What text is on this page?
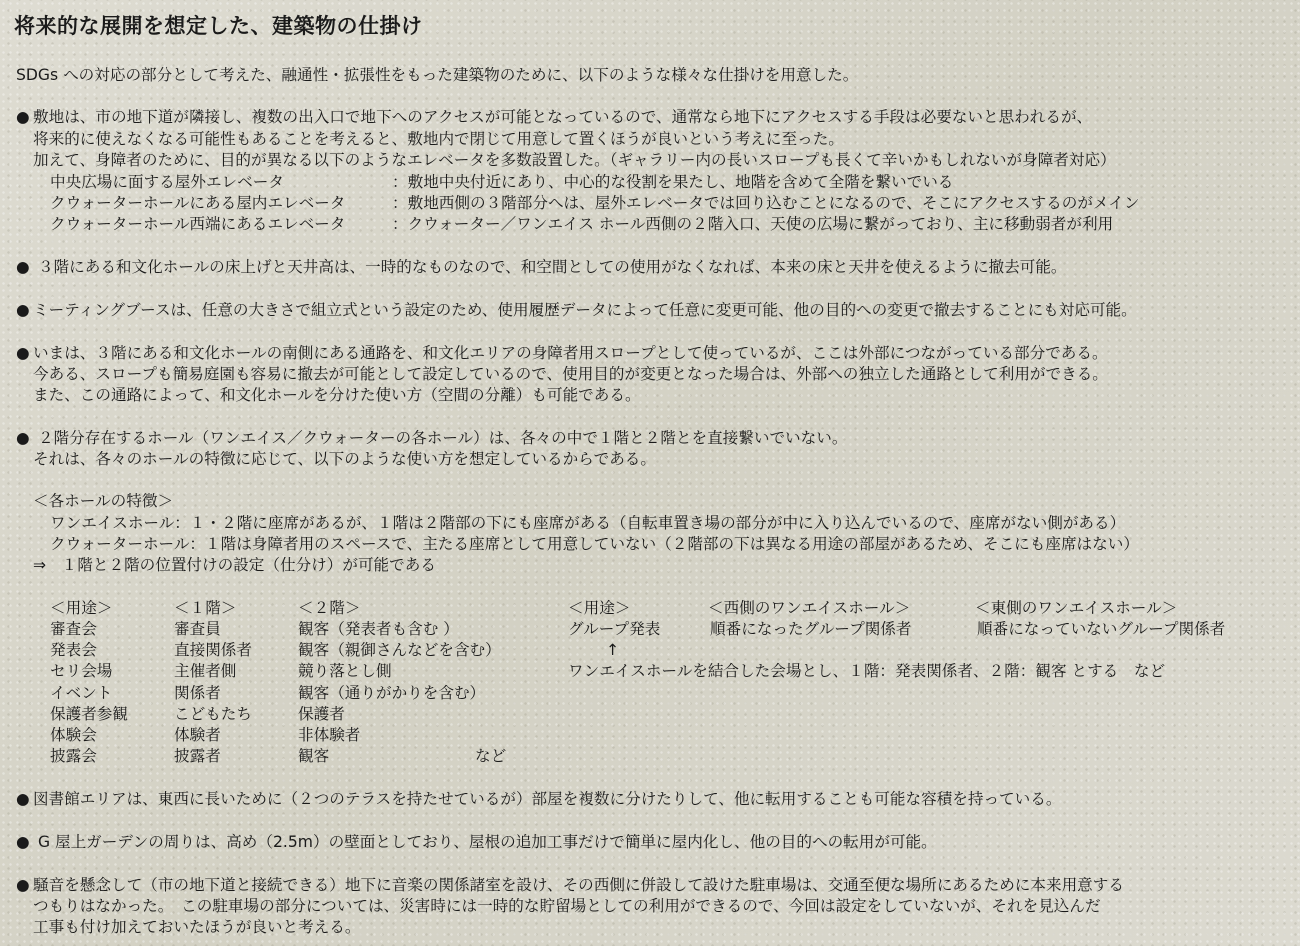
将来的な展開を想定した、建築物の仕掛け
SDGs への対応の部分として考えた、融通性・拡張性をもった建築物のために、以下のような様々な仕掛けを用意した。
● 敷地は、市の地下道が隣接し、複数の出入口で地下へのアクセスが可能となっているので、通常なら地下にアクセスする手段は必要ないと思われるが、
将来的に使えなくなる可能性もあることを考えると、敷地内で閉じて用意して置くほうが良いという考えに至った。
加えて、身障者のために、目的が異なる以下のようなエレベータを多数設置した。（ギャラリー内の長いスロープも長くて辛いかもしれないが身障者対応）
中央広場に面する屋外エレベータ	：敷地中央付近にあり、中心的な役割を果たし、地階を含めて全階を繋いでいる
クウォーターホールにある屋内エレベータ	：敷地西側の３階部分へは、屋外エレベータでは回り込むことになるので、そこにアクセスするのがメイン
クウォーターホール西端にあるエレベータ	：クウォーター／ワンエイス ホール西側の２階入口、天使の広場に繋がっており、主に移動弱者が利用
● ３階にある和文化ホールの床上げと天井高は、一時的なものなので、和空間としての使用がなくなれば、本来の床と天井を使えるように撤去可能。
● ミーティングブースは、任意の大きさで組立式という設定のため、使用履歴データによって任意に変更可能、他の目的への変更で撤去することにも対応可能。
● いまは、３階にある和文化ホールの南側にある通路を、和文化エリアの身障者用スロープとして使っているが、ここは外部につながっている部分である。
今ある、スロープも簡易庭園も容易に撤去が可能として設定しているので、使用目的が変更となった場合は、外部への独立した通路として利用ができる。
また、この通路によって、和文化ホールを分けた使い方（空間の分離）も可能である。
● ２階分存在するホール（ワンエイス／クウォーターの各ホール）は、各々の中で１階と２階とを直接繋いでいない。
それは、各々のホールの特徴に応じて、以下のような使い方を想定しているからである。
＜各ホールの特徴＞
ワンエイスホール：１・２階に座席があるが、１階は２階部の下にも座席がある（自転車置き場の部分が中に入り込んでいるので、座席がない側がある）
クウォーターホール：１階は身障者用のスペースで、主たる座席として用意していない（２階部の下は異なる用途の部屋があるため、そこにも座席はない）
⇒　１階と２階の位置付けの設定（仕分け）が可能である
＜用途＞	＜１階＞	＜２階＞
審査会	審査員	観客（発表者も含む ）
発表会	直接関係者	観客（親御さんなどを含む）
セリ会場	主催者側	競り落とし側
イベント	関係者	観客（通りがかりを含む）
保護者参観	こどもたち	保護者
体験会	体験者	非体験者
披露会	披露者	観客	など
＜用途＞	＜西側のワンエイスホール＞	＜東側のワンエイスホール＞
グループ発表	順番になったグループ関係者	順番になっていないグループ関係者
↑
ワンエイスホールを結合した会場とし、１階：発表関係者、２階：観客 とする　など
● 図書館エリアは、東西に長いために（２つのテラスを持たせているが）部屋を複数に分けたりして、他に転用することも可能な容積を持っている。
● G 屋上ガーデンの周りは、高め（2.5m）の壁面としており、屋根の追加工事だけで簡単に屋内化し、他の目的への転用が可能。
● 騒音を懸念して（市の地下道と接続できる）地下に音楽の関係諸室を設け、その西側に併設して設けた駐車場は、交通至便な場所にあるために本来用意する
つもりはなかった。　この駐車場の部分については、災害時には一時的な貯留場としての利用ができるので、今回は設定をしていないが、それを見込んだ
工事も付け加えておいたほうが良いと考える。
